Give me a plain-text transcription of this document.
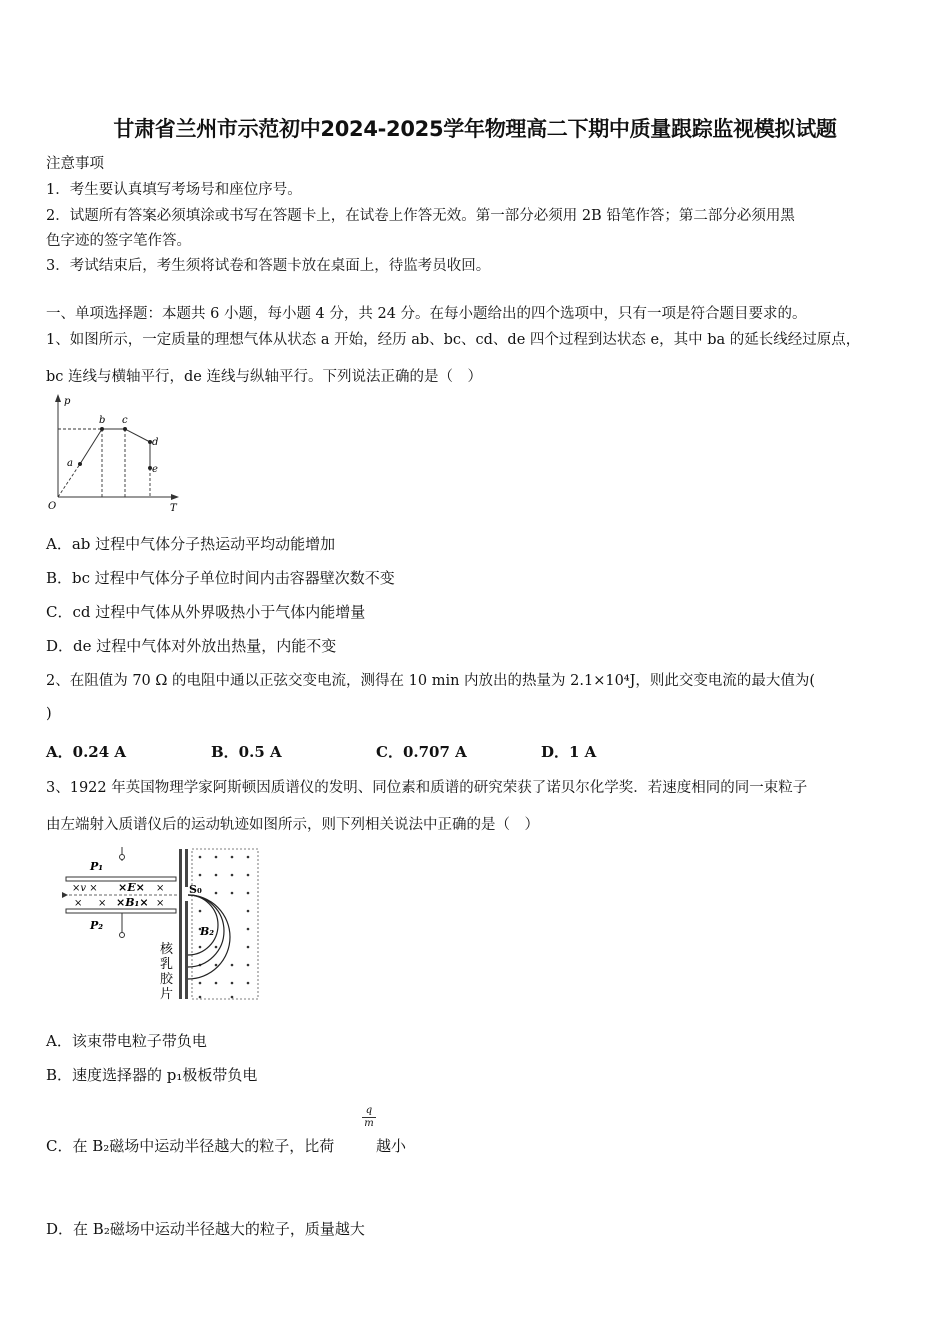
甘肃省兰州市示范初中2024-2025学年物理高二下期中质量跟踪监视模拟试题
注意事项
1．考生要认真填写考场号和座位序号。
2．试题所有答案必须填涂或书写在答题卡上，在试卷上作答无效。第一部分必须用 2B 铅笔作答；第二部分必须用黑
色字迹的签字笔作答。
3．考试结束后，考生须将试卷和答题卡放在桌面上，待监考员收回。
一、单项选择题：本题共 6 小题，每小题 4 分，共 24 分。在每小题给出的四个选项中，只有一项是符合题目要求的。
1、如图所示，一定质量的理想气体从状态 a 开始，经历 ab、bc、cd、de 四个过程到达状态 e，其中 ba 的延长线经过原点，
bc 连线与横轴平行，de 连线与纵轴平行。下列说法正确的是（　）
p
T
O
a
b c
d
e
A．ab 过程中气体分子热运动平均动能增加
B．bc 过程中气体分子单位时间内击容器壁次数不变
C．cd 过程中气体从外界吸热小于气体内能增量
D．de 过程中气体对外放出热量，内能不变
2、在阻值为 70 Ω 的电阻中通以正弦交变电流，测得在 10 min 内放出的热量为 2.1×10⁴J，则此交变电流的最大值为(
)
A．0.24 A	B．0.5 A	C．0.707 A	D．1 A
3、1922 年英国物理学家阿斯顿因质谱仪的发明、同位素和质谱的研究荣获了诺贝尔化学奖．若速度相同的同一束粒子
由左端射入质谱仪后的运动轨迹如图所示，则下列相关说法中正确的是（　）
P₁
P₂
×v × ×E× ×
× × ×B₁× ×
S₀
B₂
核
乳
胶
片
A．该束带电粒子带负电
B．速度选择器的 p₁极板带负电
C．在 B₂磁场中运动半径越大的粒子，比荷
$\frac{q}{m}$
越小
D．在 B₂磁场中运动半径越大的粒子，质量越大
